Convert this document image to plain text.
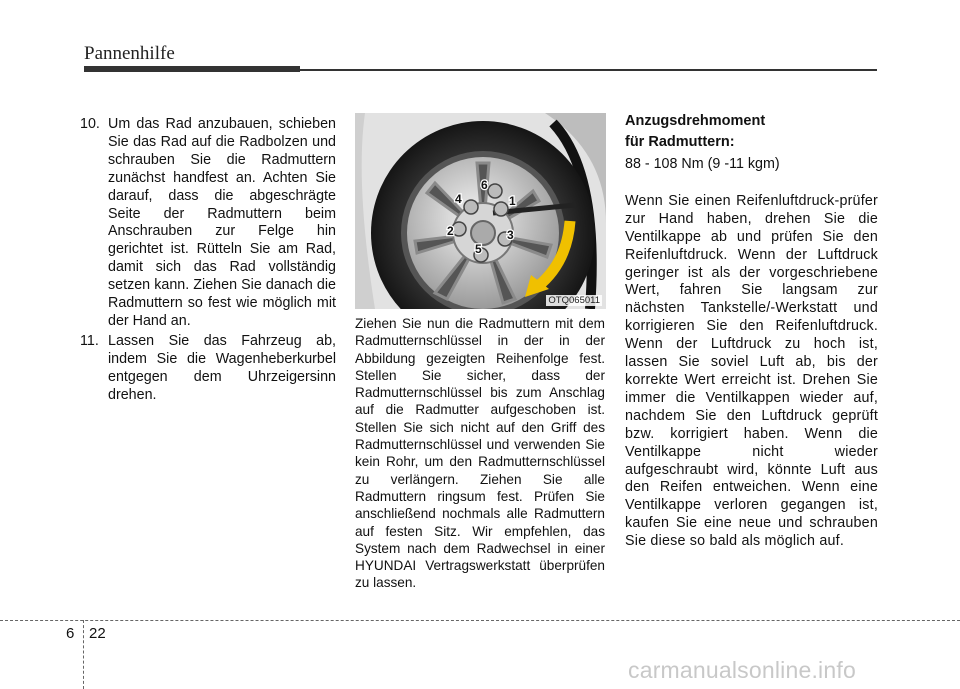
Pannenhilfe
10. Um das Rad anzubauen, schieben Sie das Rad auf die Radbolzen und schrauben Sie die Radmuttern zunächst handfest an. Achten Sie darauf, dass die abgeschrägte Seite der Radmuttern beim Anschrauben zur Felge hin gerichtet ist. Rütteln Sie am Rad, damit sich das Rad vollständig setzen kann. Ziehen Sie danach die Radmuttern so fest wie möglich mit der Hand an.
11. Lassen Sie das Fahrzeug ab, indem Sie die Wagenheberkurbel entgegen dem Uhrzeigersinn drehen.
1
2	3
4
5
6
OTQ065011
Ziehen Sie nun die Radmuttern mit dem Radmutternschlüssel in der in der Abbildung gezeigten Reihenfolge fest. Stellen Sie sicher, dass der Radmutternschlüssel bis zum Anschlag auf die Radmutter aufgeschoben ist. Stellen Sie sich nicht auf den Griff des Radmutternschlüssel und verwenden Sie kein Rohr, um den Radmutternschlüssel zu verlängern. Ziehen Sie alle Radmuttern ringsum fest. Prüfen Sie anschließend nochmals alle Radmuttern auf festen Sitz. Wir empfehlen, das System nach dem Radwechsel in einer HYUNDAI Vertragswerkstatt überprüfen zu lassen.
Anzugsdrehmoment
für Radmuttern:
88 - 108 Nm (9 -11 kgm)

Wenn Sie einen Reifenluftdruck-prüfer zur Hand haben, drehen Sie die Ventilkappe ab und prüfen Sie den Reifenluftdruck. Wenn der Luftdruck geringer ist als der vorgeschriebene Wert, fahren Sie langsam zur nächsten Tankstelle/-Werkstatt und korrigieren Sie den Reifenluftdruck. Wenn der Luftdruck zu hoch ist, lassen Sie soviel Luft ab, bis der korrekte Wert erreicht ist. Drehen Sie immer die Ventilkappen wieder auf, nachdem Sie den Luftdruck geprüft bzw. korrigiert haben. Wenn die Ventilkappe nicht wieder aufgeschraubt wird, könnte Luft aus den Reifen entweichen. Wenn eine Ventilkappe verloren gegangen ist, kaufen Sie eine neue und schrauben Sie diese so bald als möglich auf.

6 22
carmanualsonline.info
